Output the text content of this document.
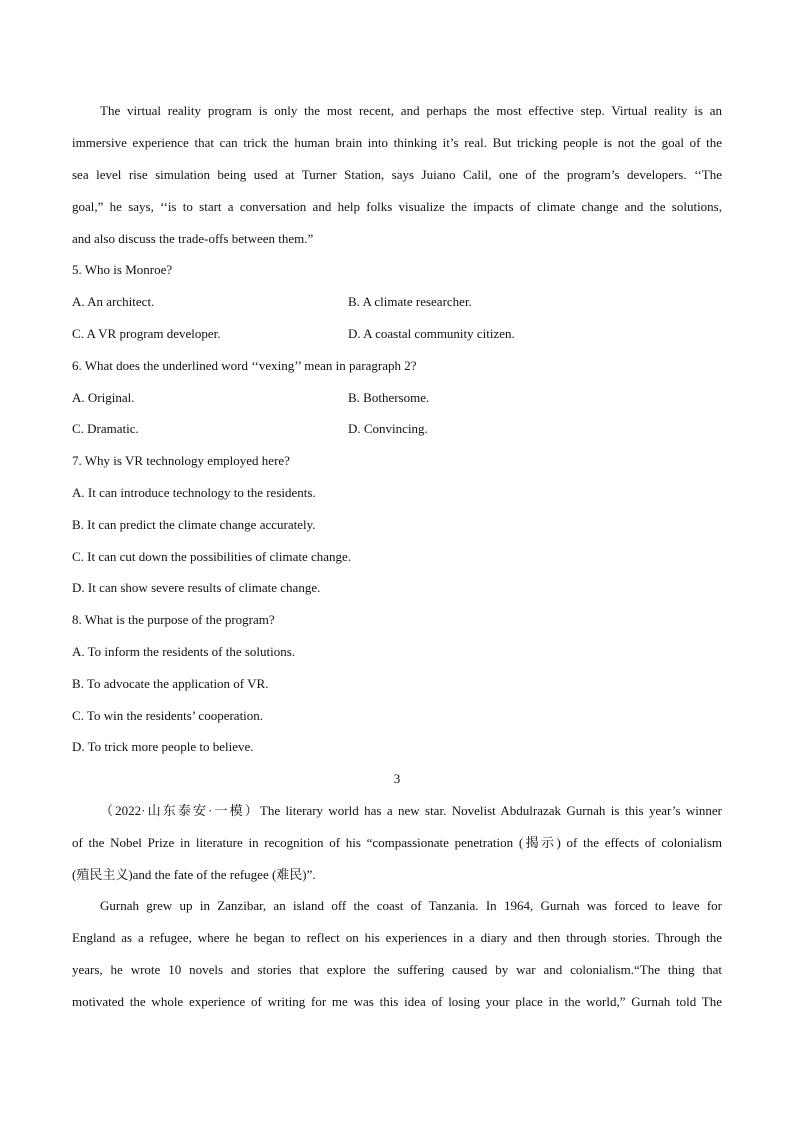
The virtual reality program is only the most recent, and perhaps the most effective step. Virtual reality is an
immersive experience that can trick the human brain into thinking it’s real. But tricking people is not the goal of the
sea level rise simulation being used at Turner Station, says Juiano Calil, one of the program’s developers. ‘‘The
goal,” he says, ‘‘is to start a conversation and help folks visualize the impacts of climate change and the solutions,
and also discuss the trade-offs between them.”
5. Who is Monroe?
A. An architect.	B. A climate researcher.
C. A VR program developer.	D. A coastal community citizen.
6. What does the underlined word ‘‘vexing’’ mean in paragraph 2?
A. Original.	B. Bothersome.
C. Dramatic.	D. Convincing.
7. Why is VR technology employed here?
A. It can introduce technology to the residents.
B. It can predict the climate change accurately.
C. It can cut down the possibilities of climate change.
D. It can show severe results of climate change.
8. What is the purpose of the program?
A. To inform the residents of the solutions.
B. To advocate the application of VR.
C. To win the residents’ cooperation.
D. To trick more people to believe.
3
（2022·山东泰安·一模）The literary world has a new star. Novelist Abdulrazak Gurnah is this year’s winner
of the Nobel Prize in literature in recognition of his “compassionate penetration (揭示) of the effects of colonialism
(殖民主义)and the fate of the refugee (难民)”.
Gurnah grew up in Zanzibar, an island off the coast of Tanzania. In 1964, Gurnah was forced to leave for
England as a refugee, where he began to reflect on his experiences in a diary and then through stories. Through the
years, he wrote 10 novels and stories that explore the suffering caused by war and colonialism.“The thing that
motivated the whole experience of writing for me was this idea of losing your place in the world,” Gurnah told The
